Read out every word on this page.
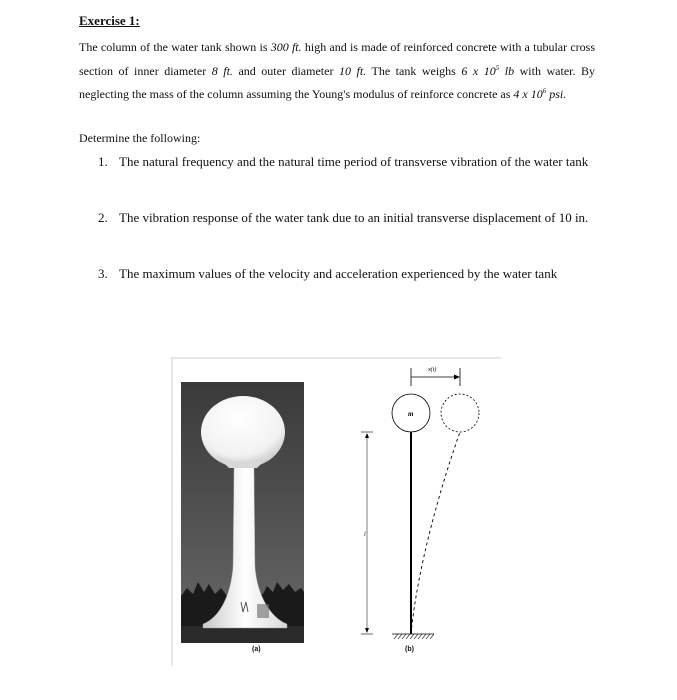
Exercise 1:
The column of the water tank shown is 300 ft. high and is made of reinforced concrete with a tubular cross section of inner diameter 8 ft. and outer diameter 10 ft. The tank weighs 6 x $10^5$ lb with water. By neglecting the mass of the column assuming the Young's modulus of reinforce concrete as 4 x $10^6$ psi.
Determine the following:
1. The natural frequency and the natural time period of transverse vibration of the water tank
2. The vibration response of the water tank due to an initial transverse displacement of 10 in.
3. The maximum values of the velocity and acceleration experienced by the water tank
x(t)
l
m
(a)	(b)
